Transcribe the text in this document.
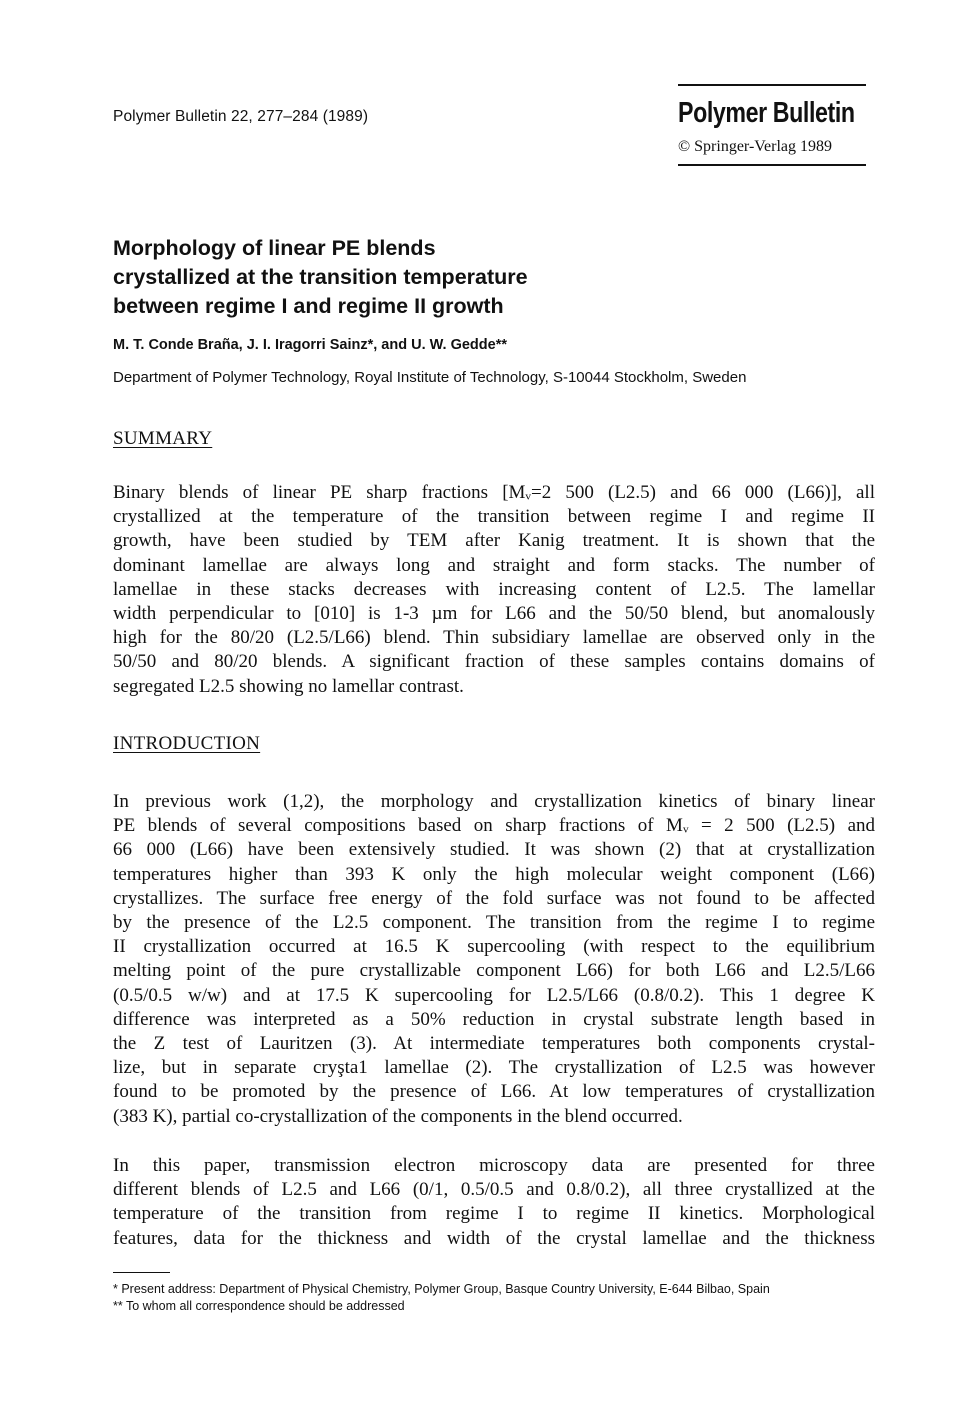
Polymer Bulletin 22, 277–284 (1989)	Polymer Bulletin
© Springer-Verlag 1989
Morphology of linear PE blends
crystallized at the transition temperature
between regime I and regime II growth
M. T. Conde Braña, J. I. Iragorri Sainz*, and U. W. Gedde**
Department of Polymer Technology, Royal Institute of Technology, S-10044 Stockholm, Sweden
SUMMARY

Binary blends of linear PE sharp fractions [Mᵥ=2 500 (L2.5) and 66 000 (L66)], all
crystallized at the temperature of the transition between regime I and regime II
growth, have been studied by TEM after Kanig treatment. It is shown that the
dominant lamellae are always long and straight and form stacks. The number of
lamellae in these stacks decreases with increasing content of L2.5. The lamellar
width perpendicular to [010] is 1-3 µm for L66 and the 50/50 blend, but anomalously
high for the 80/20 (L2.5/L66) blend. Thin subsidiary lamellae are observed only in the
50/50 and 80/20 blends. A significant fraction of these samples contains domains of
segregated L2.5 showing no lamellar contrast.

INTRODUCTION

In previous work (1,2), the morphology and crystallization kinetics of binary linear
PE blends of several compositions based on sharp fractions of Mᵥ = 2 500 (L2.5) and
66 000 (L66) have been extensively studied. It was shown (2) that at crystallization
temperatures higher than 393 K only the high molecular weight component (L66)
crystallizes. The surface free energy of the fold surface was not found to be affected
by the presence of the L2.5 component. The transition from the regime I to regime
II crystallization occurred at 16.5 K supercooling (with respect to the equilibrium
melting point of the pure crystallizable component L66) for both L66 and L2.5/L66
(0.5/0.5 w/w) and at 17.5 K supercooling for L2.5/L66 (0.8/0.2). This 1 degree K
difference was interpreted as a 50% reduction in crystal substrate length based in
the Z test of Lauritzen (3). At intermediate temperatures both components crystal-
lize, but in separate cryşta1 lamellae (2). The crystallization of L2.5 was however
found to be promoted by the presence of L66. At low temperatures of crystallization
(383 K), partial co-crystallization of the components in the blend occurred.

In this paper, transmission electron microscopy data are presented for three
different blends of L2.5 and L66 (0/1, 0.5/0.5 and 0.8/0.2), all three crystallized at the
temperature of the transition from regime I to regime II kinetics. Morphological
features, data for the thickness and width of the crystal lamellae and the thickness

* Present address: Department of Physical Chemistry, Polymer Group, Basque Country University, E-644 Bilbao, Spain
** To whom all correspondence should be addressed
